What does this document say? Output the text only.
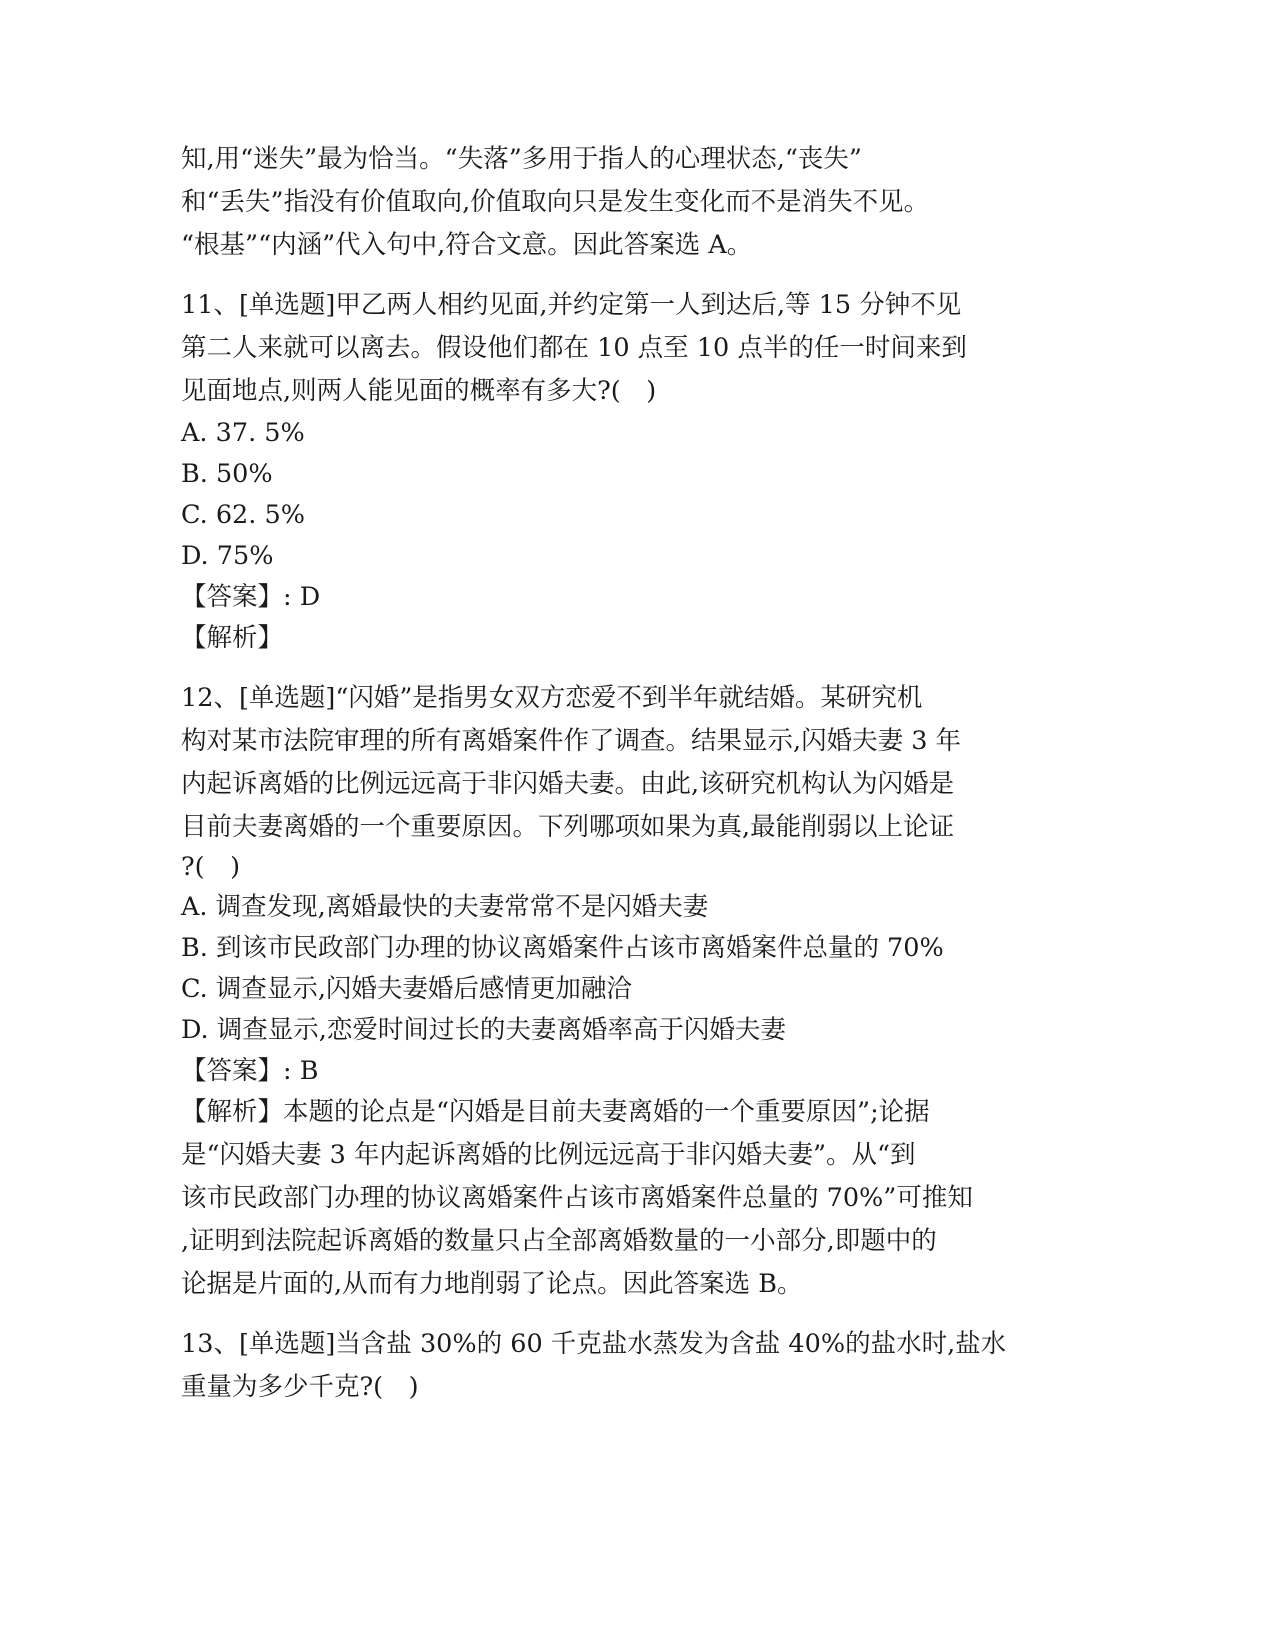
知,用“迷失”最为恰当。“失落”多用于指人的心理状态,“丧失”
和“丢失”指没有价值取向,价值取向只是发生变化而不是消失不见。
“根基”“内涵”代入句中,符合文意。因此答案选 A。
11、[单选题]甲乙两人相约见面,并约定第一人到达后,等 15 分钟不见
第二人来就可以离去。假设他们都在 10 点至 10 点半的任一时间来到
见面地点,则两人能见面的概率有多大?(　)
A. 37. 5%
B. 50%
C. 62. 5%
D. 75%
【答案】: D
【解析】
12、[单选题]“闪婚”是指男女双方恋爱不到半年就结婚。某研究机
构对某市法院审理的所有离婚案件作了调查。结果显示,闪婚夫妻 3 年
内起诉离婚的比例远远高于非闪婚夫妻。由此,该研究机构认为闪婚是
目前夫妻离婚的一个重要原因。下列哪项如果为真,最能削弱以上论证
?(　)
A. 调查发现,离婚最快的夫妻常常不是闪婚夫妻
B. 到该市民政部门办理的协议离婚案件占该市离婚案件总量的 70%
C. 调查显示,闪婚夫妻婚后感情更加融洽
D. 调查显示,恋爱时间过长的夫妻离婚率高于闪婚夫妻
【答案】: B
【解析】本题的论点是“闪婚是目前夫妻离婚的一个重要原因”;论据
是“闪婚夫妻 3 年内起诉离婚的比例远远高于非闪婚夫妻”。从“到
该市民政部门办理的协议离婚案件占该市离婚案件总量的 70%”可推知
,证明到法院起诉离婚的数量只占全部离婚数量的一小部分,即题中的
论据是片面的,从而有力地削弱了论点。因此答案选 B。
13、[单选题]当含盐 30%的 60 千克盐水蒸发为含盐 40%的盐水时,盐水
重量为多少千克?(　)
